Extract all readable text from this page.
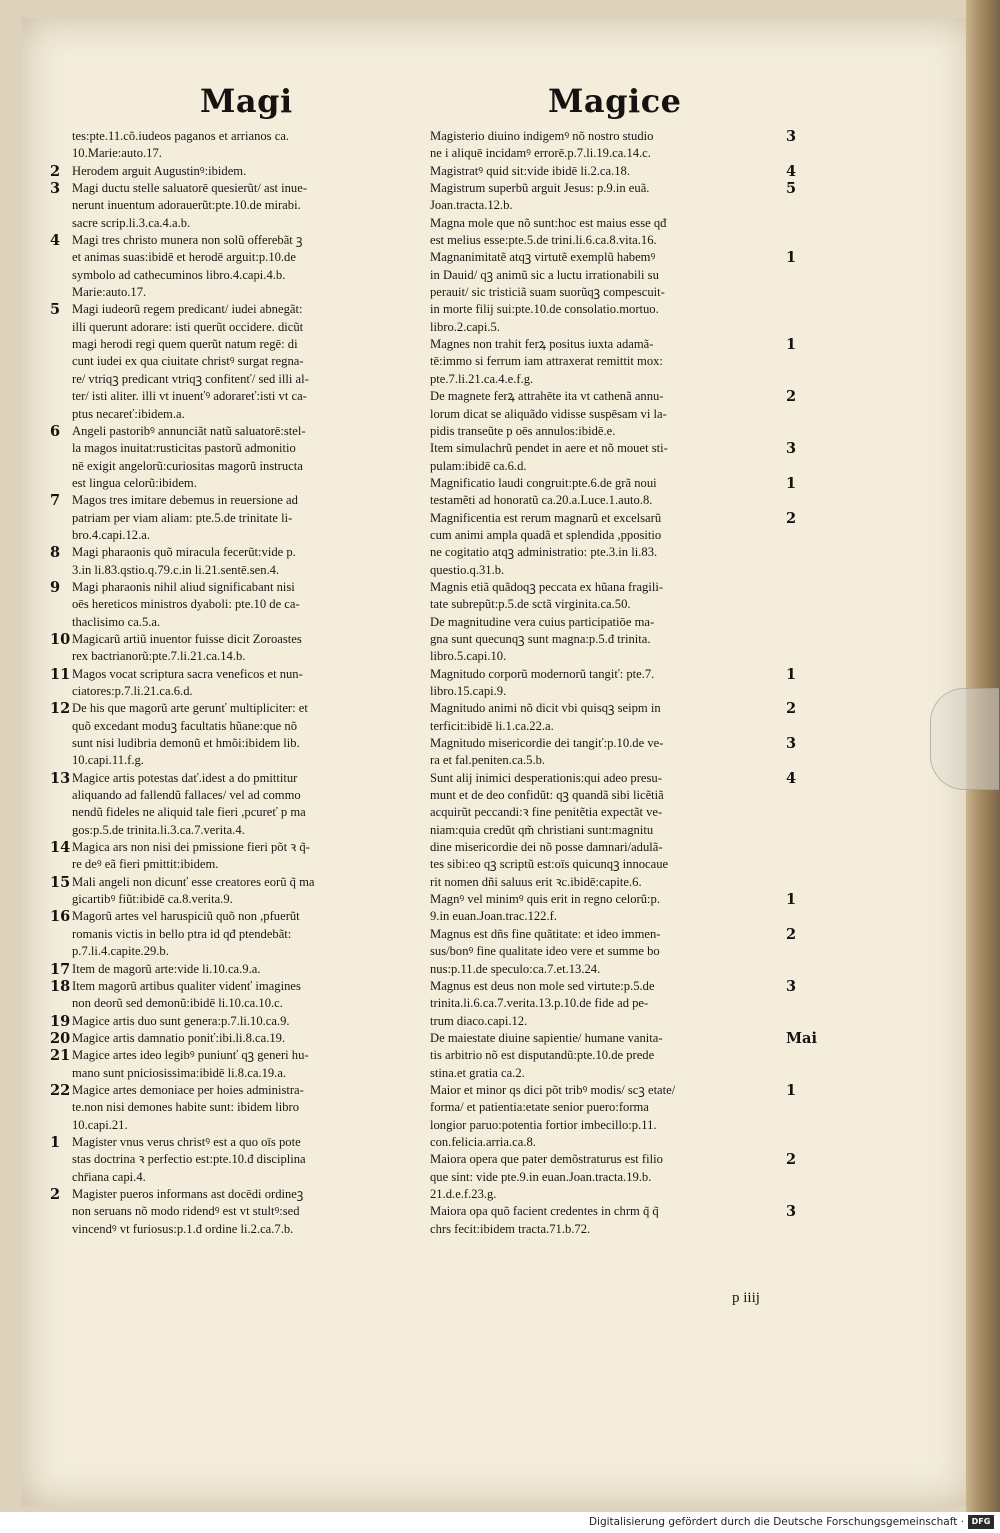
Magi	Magice
tes:pte.11.cõ.iudeos paganos et arrianos ca.
10.Marie:auto.17.
2 Herodem arguit Augustinꝰ:ibidem.
3 Magi ductu stelle saluatorē quesierũt/ ast inue-
nerunt inuentum adorauerũt:pte.10.de mirabi.
sacre scrip.li.3.ca.4.a.b.
4 Magi tres christo munera non solũ offerebãt ꝫ
et animas suas:ibidē et herodē arguit:p.10.de
symbolo ad cathecuminos libro.4.capi.4.b.
Marie:auto.17.
5 Magi iudeorũ regem predicant/ iudei abnegãt:
illi querunt adorare: isti querũt occidere. dicũt
magi herodi regi quem querũt natum regē: di
cunt iudei ex qua ciuitate christꝰ surgat regna-
re/ vtriqꝫ predicant vtriqꝫ confitenť/ sed illi al-
ter/ isti aliter. illi vt inuenťꝰ adorareť:isti vt ca-
ptus necareť:ibidem.a.
6 Angeli pastoribꝰ annunciãt natũ saluatorē:stel-
la magos inuitat:rusticitas pastorũ admonitio
nē exigit angelorũ:curiositas magorũ instructa
est lingua celorũ:ibidem.
7 Magos tres imitare debemus in reuersione ad
patriam per viam aliam: pte.5.de trinitate li-
bro.4.capi.12.a.
8 Magi pharaonis quõ miracula fecerũt:vide p.
3.in li.83.qstio.q.79.c.in li.21.sentē.sen.4.
9 Magi pharaonis nihil aliud significabant nisi
oēs hereticos ministros dyaboli: pte.10 de ca-
thaclisimo ca.5.a.
10 Magicarũ artiũ inuentor fuisse dicit Zoroastes
rex bactrianorũ:pte.7.li.21.ca.14.b.
11 Magos vocat scriptura sacra veneficos et nun-
ciatores:p.7.li.21.ca.6.d.
12 De his que magorũ arte gerunť multipliciter: et
quõ excedant moduꝫ facultatis hũane:que nõ
sunt nisi ludibria demonũ et hmõi:ibidem lib.
10.capi.11.f.g.
13 Magice artis potestas dať.idest a do pmittitur
aliquando ad fallendũ fallaces/ vel ad commo
nendũ fideles ne aliquid tale fieri ,pcureť p ma
gos:p.5.de trinita.li.3.ca.7.verita.4.
14 Magica ars non nisi dei pmissione fieri põt ꝛ q̃-
re deꝰ eã fieri pmittit:ibidem.
15 Mali angeli non dicunť esse creatores eorũ q̃ ma
gicartibꝰ fiũt:ibidē ca.8.verita.9.
16 Magorũ artes vel haruspiciũ quõ non ,pfuerũt
romanis victis in bello ptra id qđ ptendebãt:
p.7.li.4.capite.29.b.
17 Item de magorũ arte:vide li.10.ca.9.a.
18 Item magorũ artibus qualiter videnť imagines
non deorũ sed demonũ:ibidē li.10.ca.10.c.
19 Magice artis duo sunt genera:p.7.li.10.ca.9.
20 Magice artis damnatio poniť:ibi.li.8.ca.19.
21 Magice artes ideo legibꝰ puniunť qꝫ generi hu-
mano sunt pniciosissima:ibidē li.8.ca.19.a.
22 Magice artes demoniace per hoies administra-
te.non nisi demones habite sunt: ibidem libro
10.capi.21.
1 Magister vnus verus christꝰ est a quo oīs pote
stas doctrina ꝛ perfectio est:pte.10.đ disciplina
chr̄iana capi.4.
2 Magister pueros informans ast docēdi ordineꝫ
non seruans nõ modo ridendꝰ est vt stultꝰ:sed
vincendꝰ vt furiosus:p.1.đ ordine li.2.ca.7.b.
Magisterio diuino indigemꝰ nõ nostro studio
ne i aliquē incidamꝰ errorē.p.7.li.19.ca.14.c.
3
Magistratꝰ quid sit:vide ibidē li.2.ca.18.	4
Magistrum superbũ arguit Jesus: p.9.in euã.
Joan.tracta.12.b.
5
Magna mole que nõ sunt:hoc est maius esse qđ
est melius esse:pte.5.de trini.li.6.ca.8.vita.16.
Magnanimitatẽ atqꝫ virtutẽ exemplũ habemꝰ
in Dauid/ qꝫ animũ sic a luctu irrationabili su
perauit/ sic tristiciã suam suorũqꝫ compescuit-
in morte filij sui:pte.10.de consolatio.mortuo.
libro.2.capi.5.
1
Magnes non trahit ferꝝ positus iuxta adamã-
tē:immo si ferrum iam attraxerat remittit mox:
pte.7.li.21.ca.4.e.f.g.
1
De magnete ferꝝ attrahēte ita vt cathenã annu-
lorum dicat se aliquãdo vidisse suspēsam vi la-
pidis transeũte p oēs annulos:ibidē.e.
2
Item simulachrũ pendet in aere et nõ mouet sti-
pulam:ibidē ca.6.d.
3
Magnificatio laudi congruit:pte.6.de grã noui
testamẽti ad honoratũ ca.20.a.Luce.1.auto.8.
1
Magnificentia est rerum magnarũ et excelsarũ
cum animi ampla quadã et splendida ,ppositio
ne cogitatio atqꝫ administratio: pte.3.in li.83.
questio.q.31.b.
2
Magnis etiã quãdoqꝫ peccata ex hũana fragili-
tate subrepũt:p.5.de sctã virginita.ca.50.
De magnitudine vera cuius participatiōe ma-
gna sunt quecunqꝫ sunt magna:p.5.đ trinita.
libro.5.capi.10.
Magnitudo corporũ modernorũ tangiť: pte.7.
libro.15.capi.9.
1
Magnitudo animi nõ dicit vbi quisqꝫ seipm in
terficit:ibidē li.1.ca.22.a.
2
Magnitudo misericordie dei tangiť:p.10.de ve-
ra et fal.peniten.ca.5.b.
3
Sunt alij inimici desperationis:qui adeo presu-
munt et de deo confidũt: qꝫ quandã sibi licẽtiã
acquirũt peccandi:ꝛ fine penitẽtia expectãt ve-
niam:quia credũt qm̃ christiani sunt:magnitu
dine misericordie dei nõ posse damnari/adulã-
tes sibi:eo qꝫ scriptũ est:oīs quicunqꝫ innocaue
rit nomen dñi saluus erit ꝛc.ibidē:capite.6.
4
Magnꝰ vel minimꝰ quis erit in regno celorũ:p.
9.in euan.Joan.trac.122.f.
1
Magnus est dñs fine quãtitate: et ideo immen-
sus/bonꝰ fine qualitate ideo vere et summe bo
nus:p.11.de speculo:ca.7.et.13.24.
2
Magnus est deus non mole sed virtute:p.5.de
trinita.li.6.ca.7.verita.13.p.10.de fide ad pe-
trum diaco.capi.12.
3
De maiestate diuine sapientie/ humane vanita-
tis arbitrio nõ est disputandũ:pte.10.de prede
stina.et gratia ca.2.
Mai
Maior et minor qs dici põt tribꝰ modis/ scꝫ etate/
forma/ et patientia:etate senior puero:forma
longior paruo:potentia fortior imbecillo:p.11.
con.felicia.arria.ca.8.
1
Maiora opera que pater demõstraturus est filio
que sint: vide pte.9.in euan.Joan.tracta.19.b.
21.d.e.f.23.g.
2
Maiora opa quõ facient credentes in chrm q̃ q̃
chrs fecit:ibidem tracta.71.b.72.
3
p iiij
Digitalisierung gefördert durch die Deutsche Forschungsgemeinschaft · DFG
